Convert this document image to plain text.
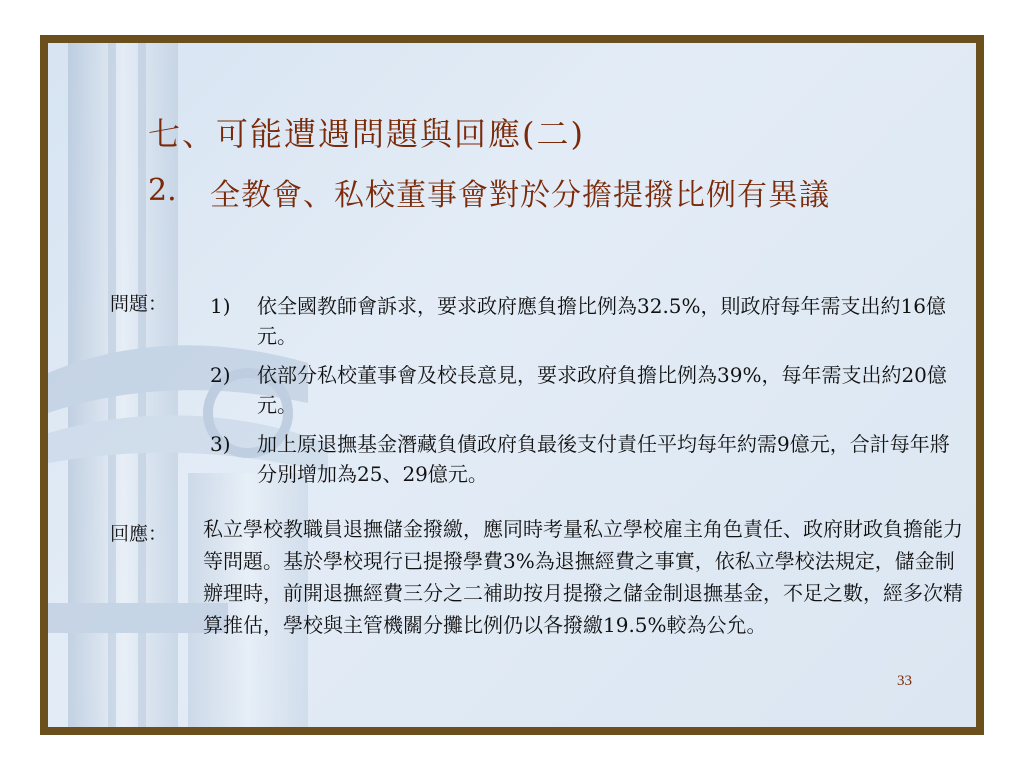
七、可能遭遇問題與回應(二)
2. 全教會、私校董事會對於分擔提撥比例有異議
問題： 1) 依全國教師會訴求，要求政府應負擔比例為32.5%，則政府每年需支出約16億元。
2) 依部分私校董事會及校長意見，要求政府負擔比例為39%，每年需支出約20億元。
3) 加上原退撫基金潛藏負債政府負最後支付責任平均每年約需9億元，合計每年將分別增加為25、29億元。
回應： 私立學校教職員退撫儲金撥繳，應同時考量私立學校雇主角色責任、政府財政負擔能力等問題。基於學校現行已提撥學費3%為退撫經費之事實，依私立學校法規定，儲金制辦理時，前開退撫經費三分之二補助按月提撥之儲金制退撫基金，不足之數，經多次精算推估，學校與主管機關分攤比例仍以各撥繳19.5%較為公允。
33
